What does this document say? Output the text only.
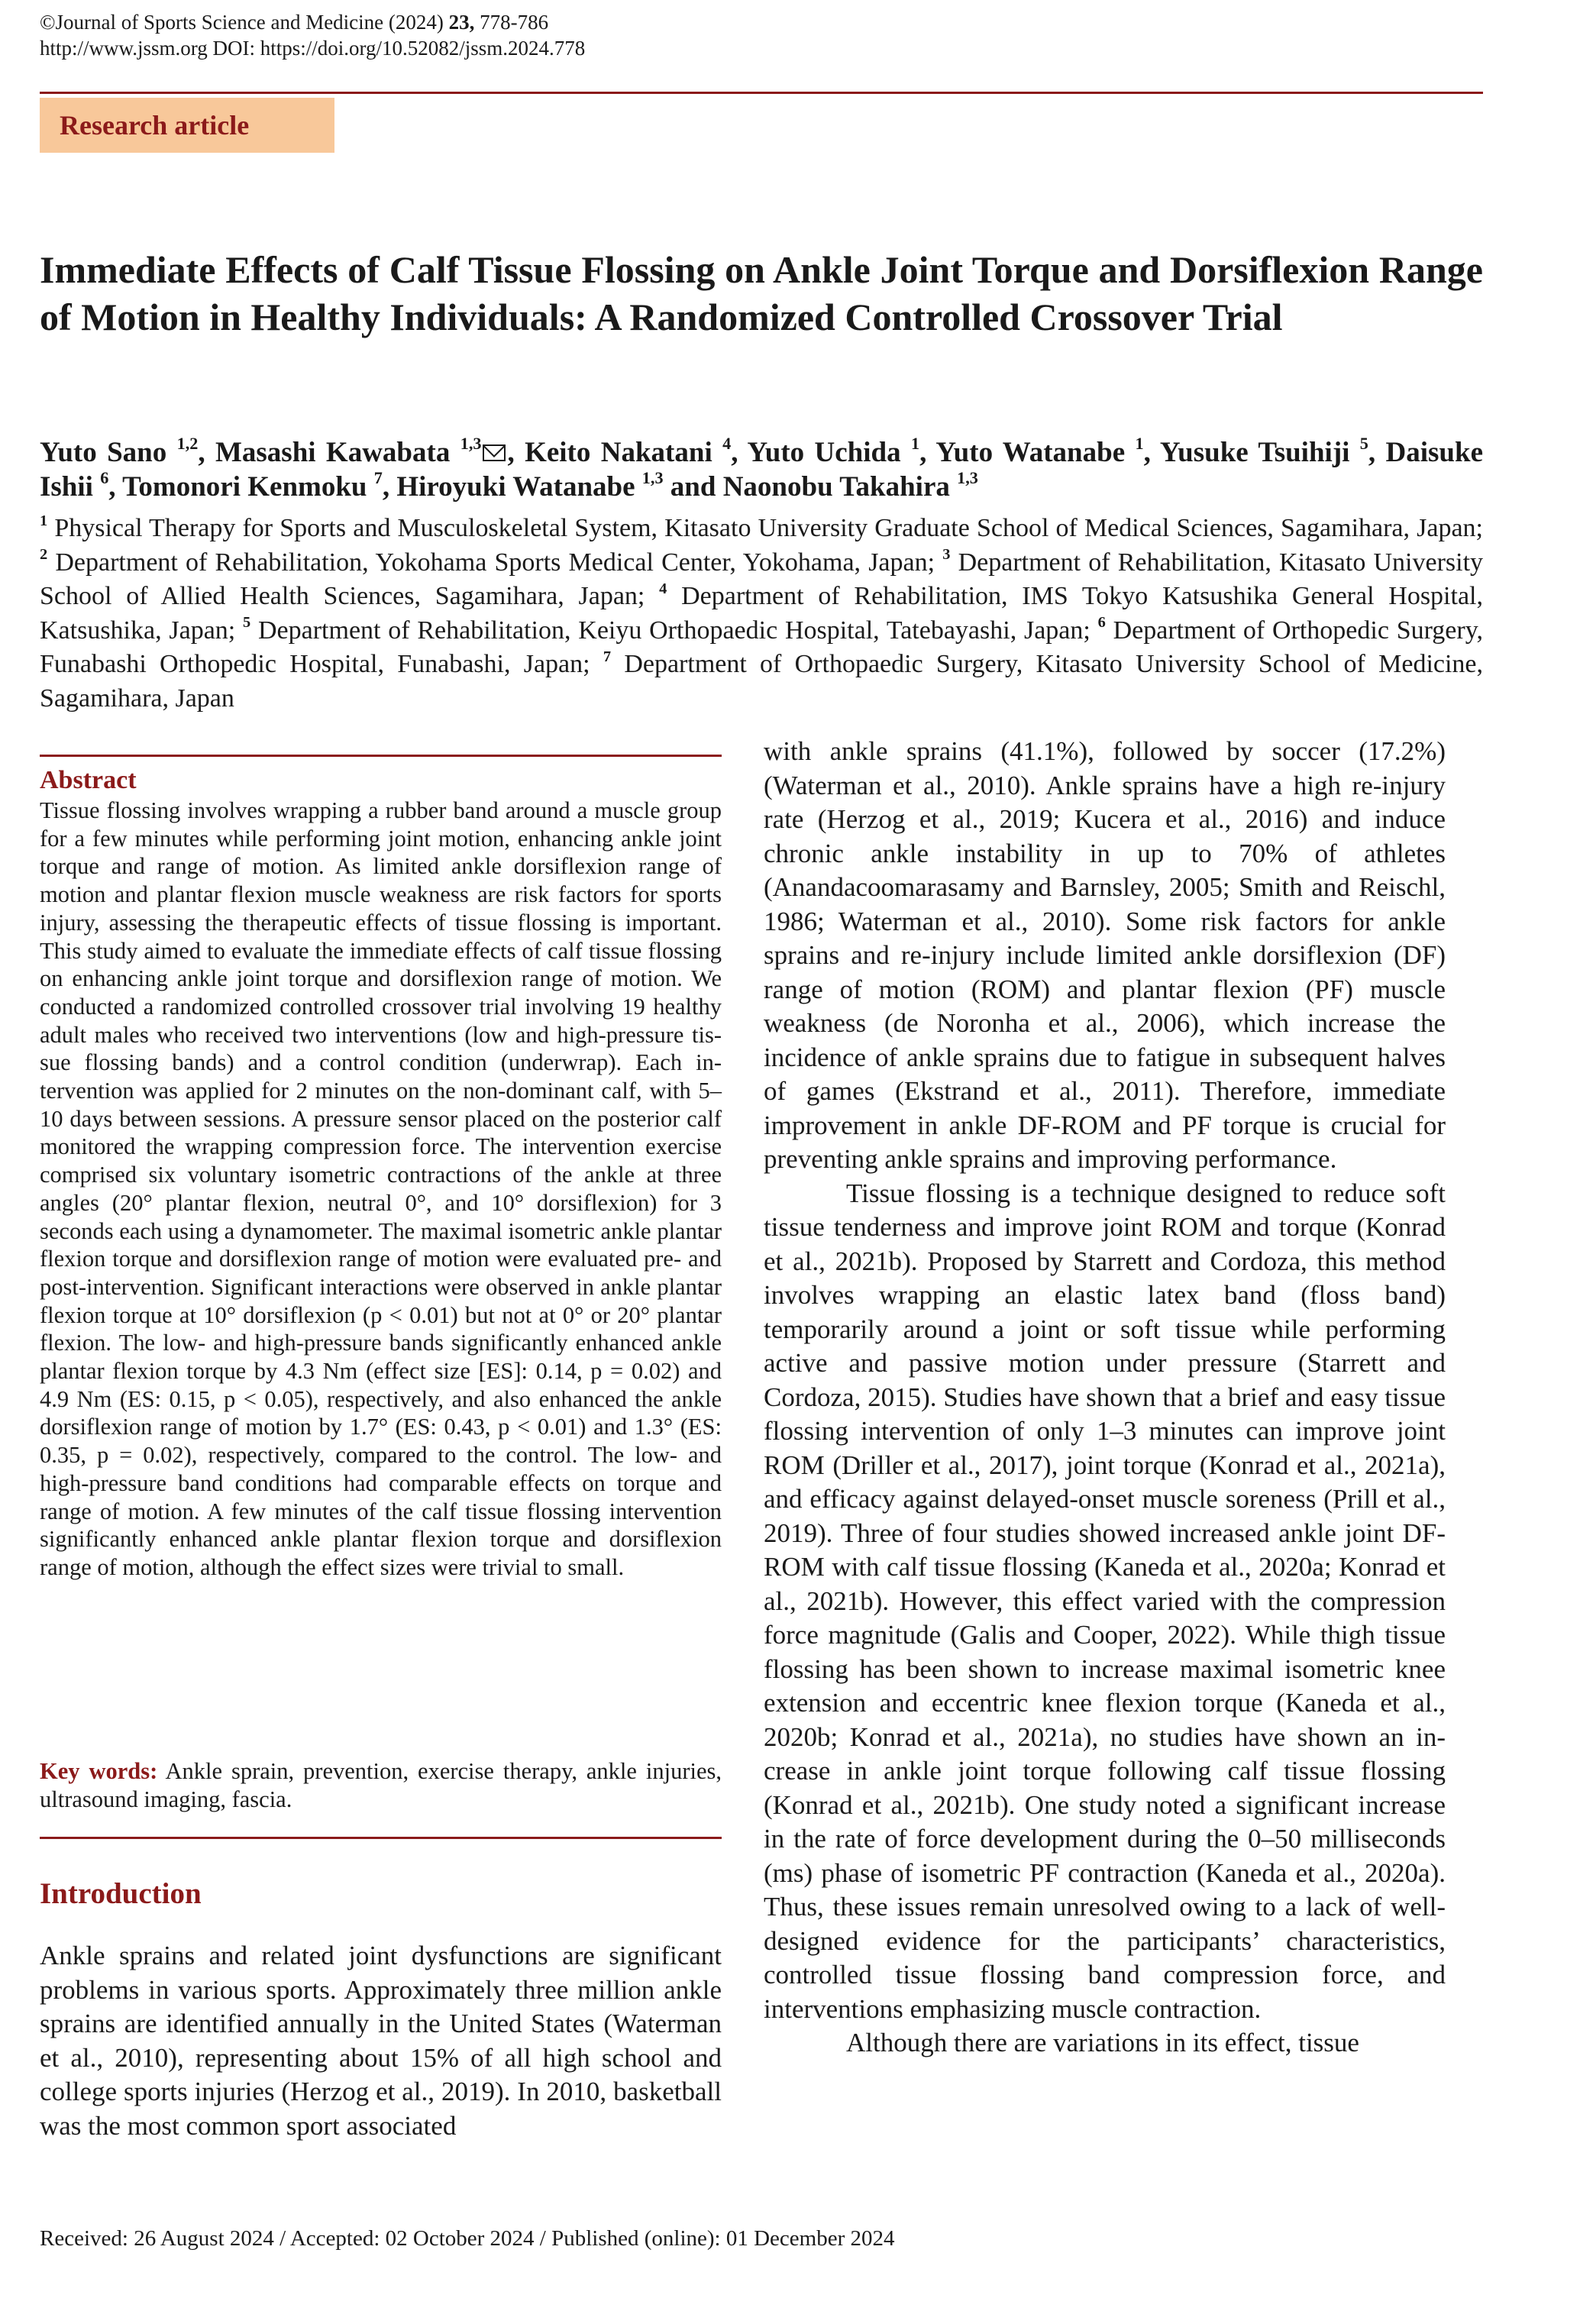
©Journal of Sports Science and Medicine (2024) 23, 778-786
http://www.jssm.org DOI: https://doi.org/10.52082/jssm.2024.778
Research article
Immediate Effects of Calf Tissue Flossing on Ankle Joint Torque and Dorsiflexion Range of Motion in Healthy Individuals: A Randomized Controlled Crossover Trial
Yuto Sano $^{1,2}$, Masashi Kawabata $^{1,3}$ , Keito Nakatani $^4$, Yuto Uchida $^1$, Yuto Watanabe $^1$, Yusuke Tsuihiji $^5$, Daisuke Ishii $^6$, Tomonori Kenmoku $^7$, Hiroyuki Watanabe $^{1,3}$ and Naonobu Takahira $^{1,3}$
$^1$ Physical Therapy for Sports and Musculoskeletal System, Kitasato University Graduate School of Medical Sciences, Sagamihara, Japan; $^2$ Department of Rehabilitation, Yokohama Sports Medical Center, Yokohama, Japan; $^3$ Department of Rehabilitation, Kitasato University School of Allied Health Sciences, Sagamihara, Japan; $^4$ Department of Rehabilitation, IMS Tokyo Katsushika General Hospital, Katsushika, Japan; $^5$ Department of Rehabilitation, Keiyu Orthopaedic Hospital, Tatebayashi, Japan; $^6$ Department of Orthopedic Surgery, Funabashi Orthopedic Hospital, Funabashi, Japan; $^7$ Department of Orthopaedic Surgery, Kitasato University School of Medicine, Sagamihara, Japan
Abstract
Tissue flossing involves wrapping a rubber band around a muscle group for a few minutes while performing joint motion, enhancing ankle joint torque and range of motion. As limited ankle dorsiflexion range of motion and plantar flexion muscle weakness are risk factors for sports injury, assessing the therapeutic effects of tissue flossing is important. This study aimed to evaluate the immediate effects of calf tissue flossing on enhancing ankle joint torque and dorsiflexion range of motion. We conducted a randomized controlled crossover trial involving 19 healthy adult males who received two interventions (low and high-pressure tissue flossing bands) and a control condition (underwrap). Each intervention was applied for 2 minutes on the non-dominant calf, with 5–10 days between sessions. A pressure sensor placed on the posterior calf monitored the wrapping compression force. The intervention exercise comprised six voluntary isometric contractions of the ankle at three angles (20° plantar flexion, neutral 0°, and 10° dorsiflexion) for 3 seconds each using a dynamometer. The maximal isometric ankle plantar flexion torque and dorsiflexion range of motion were evaluated pre- and post-intervention. Significant interactions were observed in ankle plantar flexion torque at 10° dorsiflexion (p < 0.01) but not at 0° or 20° plantar flexion. The low- and high-pressure bands significantly enhanced ankle plantar flexion torque by 4.3 Nm (effect size [ES]: 0.14, p = 0.02) and 4.9 Nm (ES: 0.15, p < 0.05), respectively, and also enhanced the ankle dorsiflexion range of motion by 1.7° (ES: 0.43, p < 0.01) and 1.3° (ES: 0.35, p = 0.02), respectively, compared to the control. The low- and high-pressure band conditions had comparable effects on torque and range of motion. A few minutes of the calf tissue flossing intervention significantly enhanced ankle plantar flexion torque and dorsiflexion range of motion, although the effect sizes were trivial to small.
Key words: Ankle sprain, prevention, exercise therapy, ankle injuries, ultrasound imaging, fascia.
Introduction
Ankle sprains and related joint dysfunctions are significant problems in various sports. Approximately three million ankle sprains are identified annually in the United States (Waterman et al., 2010), representing about 15% of all high school and college sports injuries (Herzog et al., 2019). In 2010, basketball was the most common sport associated

with ankle sprains (41.1%), followed by soccer (17.2%) (Waterman et al., 2010). Ankle sprains have a high re-injury rate (Herzog et al., 2019; Kucera et al., 2016) and induce chronic ankle instability in up to 70% of athletes (Anandacoomarasamy and Barnsley, 2005; Smith and Reischl, 1986; Waterman et al., 2010). Some risk factors for ankle sprains and re-injury include limited ankle dorsiflexion (DF) range of motion (ROM) and plantar flexion (PF) muscle weakness (de Noronha et al., 2006), which increase the incidence of ankle sprains due to fatigue in subsequent halves of games (Ekstrand et al., 2011). Therefore, immediate improvement in ankle DF-ROM and PF torque is crucial for preventing ankle sprains and improving performance.

Tissue flossing is a technique designed to reduce soft tissue tenderness and improve joint ROM and torque (Konrad et al., 2021b). Proposed by Starrett and Cordoza, this method involves wrapping an elastic latex band (floss band) temporarily around a joint or soft tissue while performing active and passive motion under pressure (Starrett and Cordoza, 2015). Studies have shown that a brief and easy tissue flossing intervention of only 1–3 minutes can improve joint ROM (Driller et al., 2017), joint torque (Konrad et al., 2021a), and efficacy against delayed-onset muscle soreness (Prill et al., 2019). Three of four studies showed increased ankle joint DF-ROM with calf tissue flossing (Kaneda et al., 2020a; Konrad et al., 2021b). However, this effect varied with the compression force magnitude (Galis and Cooper, 2022). While thigh tissue flossing has been shown to increase maximal isometric knee extension and eccentric knee flexion torque (Kaneda et al., 2020b; Konrad et al., 2021a), no studies have shown an increase in ankle joint torque following calf tissue flossing (Konrad et al., 2021b). One study noted a significant increase in the rate of force development during the 0–50 milliseconds (ms) phase of isometric PF contraction (Kaneda et al., 2020a). Thus, these issues remain unresolved owing to a lack of well-designed evidence for the participants’ characteristics, controlled tissue flossing band compression force, and interventions emphasizing muscle contraction.

Although there are variations in its effect, tissue

Received: 26 August 2024 / Accepted: 02 October 2024 / Published (online): 01 December 2024
